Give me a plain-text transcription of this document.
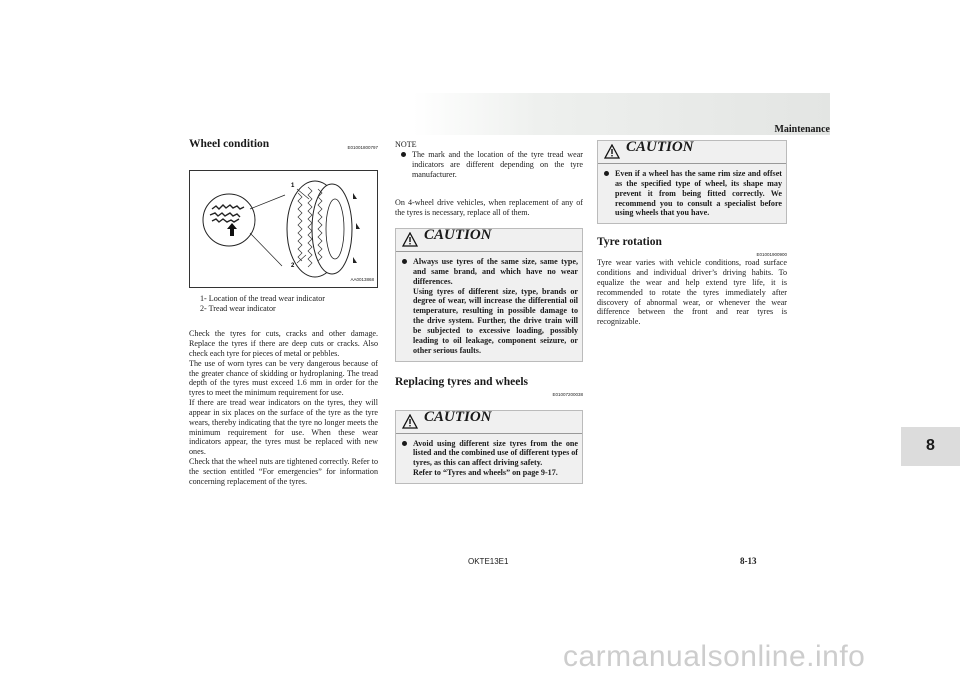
Maintenance
8
Wheel condition	E01001800797
1
2
AA0013868
1- Location of the tread wear indicator
2- Tread wear indicator

Check the tyres for cuts, cracks and other damage. Replace the tyres if there are deep cuts or cracks. Also check each tyre for pieces of metal or pebbles.

The use of worn tyres can be very dangerous because of the greater chance of skidding or hydroplaning. The tread depth of the tyres must exceed 1.6 mm in order for the tyres to meet the minimum requirement for use.

If there are tread wear indicators on the tyres, they will appear in six places on the surface of the tyre as the tyre wears, thereby indicating that the tyre no longer meets the minimum requirement for use. When these wear indicators appear, the tyres must be replaced with new ones.

Check that the wheel nuts are tightened correctly. Refer to the section entitled “For emergencies” for information concerning replacement of the tyres.

NOTE
The mark and the location of the tyre tread wear indicators are different depending on the tyre manufacturer.

On 4-wheel drive vehicles, when replacement of any of the tyres is necessary, replace all of them.

CAUTION
Always use tyres of the same size, same type, and same brand, and which have no wear differences.
Using tyres of different size, type, brands or degree of wear, will increase the differential oil temperature, resulting in possible damage to the drive system. Further, the drive train will be subjected to excessive loading, possibly leading to oil leakage, component seizure, or other serious faults.
Replacing tyres and wheels
E01007200038
CAUTION
Avoid using different size tyres from the one listed and the combined use of different types of tyres, as this can affect driving safety.
Refer to “Tyres and wheels” on page 9-17.
CAUTION
Even if a wheel has the same rim size and offset as the specified type of wheel, its shape may prevent it from being fitted correctly. We recommend you to consult a specialist before using wheels that you have.
Tyre rotation
E01001900900

Tyre wear varies with vehicle conditions, road surface conditions and individual driver’s driving habits. To equalize the wear and help extend tyre life, it is recommended to rotate the tyres immediately after discovery of abnormal wear, or whenever the wear difference between the front and rear tyres is recognizable.

OKTE13E1	8-13
carmanualsonline.info
